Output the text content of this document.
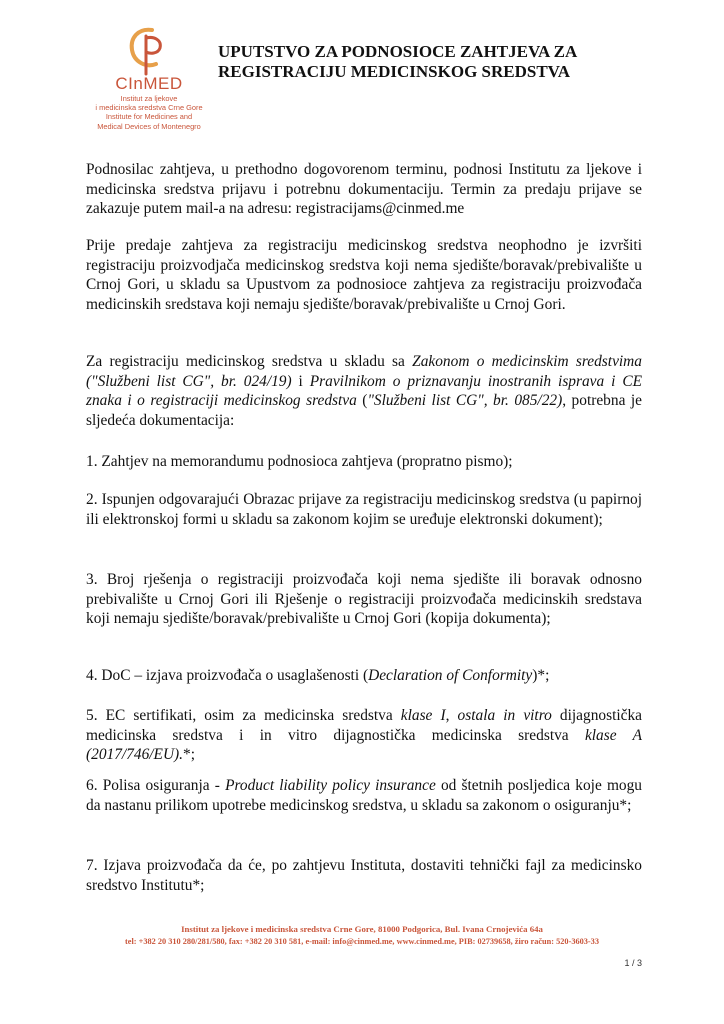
CInMED
Institut za ljekove
i medicinska sredstva Crne Gore
Institute for Medicines and
Medical Devices of Montenegro
UPUTSTVO ZA PODNOSIOCE ZAHTJEVA ZA
REGISTRACIJU MEDICINSKOG SREDSTVA

Podnosilac zahtjeva, u prethodno dogovorenom terminu, podnosi Institutu za ljekove i medicinska sredstva prijavu i potrebnu dokumentaciju. Termin za predaju prijave se zakazuje putem mail-a na adresu: registracijams@cinmed.me

Prije predaje zahtjeva za registraciju medicinskog sredstva neophodno je izvršiti registraciju proizvodjača medicinskog sredstva koji nema sjedište/boravak/prebivalište u Crnoj Gori, u skladu sa Upustvom za podnosioce zahtjeva za registraciju proizvođača medicinskih sredstava koji nemaju sjedište/boravak/prebivalište u Crnoj Gori.

Za registraciju medicinskog sredstva u skladu sa Zakonom o medicinskim sredstvima ("Službeni list CG", br. 024/19) i Pravilnikom o priznavanju inostranih isprava i CE znaka i o registraciji medicinskog sredstva ("Službeni list CG", br. 085/22), potrebna je sljedeća dokumentacija:

1. Zahtjev na memorandumu podnosioca zahtjeva (propratno pismo);

2. Ispunjen odgovarajući Obrazac prijave za registraciju medicinskog sredstva (u papirnoj ili elektronskoj formi u skladu sa zakonom kojim se uređuje elektronski dokument);

3. Broj rješenja o registraciji proizvođača koji nema sjedište ili boravak odnosno prebivalište u Crnoj Gori ili Rješenje o registraciji proizvođača medicinskih sredstava koji nemaju sjedište/boravak/prebivalište u Crnoj Gori (kopija dokumenta);

4. DoC – izjava proizvođača o usaglašenosti (Declaration of Conformity)*;

5. EC sertifikati, osim za medicinska sredstva klase I, ostala in vitro dijagnostička medicinska sredstva i in vitro dijagnostička medicinska sredstva klase A (2017/746/EU).*;

6. Polisa osiguranja - Product liability policy insurance od štetnih posljedica koje mogu da nastanu prilikom upotrebe medicinskog sredstva, u skladu sa zakonom o osiguranju*;

7. Izjava proizvođača da će, po zahtjevu Instituta, dostaviti tehnički fajl za medicinsko sredstvo Institutu*;

Institut za ljekove i medicinska sredstva Crne Gore, 81000 Podgorica, Bul. Ivana Crnojevića 64a
tel: +382 20 310 280/281/580, fax: +382 20 310 581, e-mail: info@cinmed.me, www.cinmed.me, PIB: 02739658, žiro račun: 520-3603-33
1 / 3
